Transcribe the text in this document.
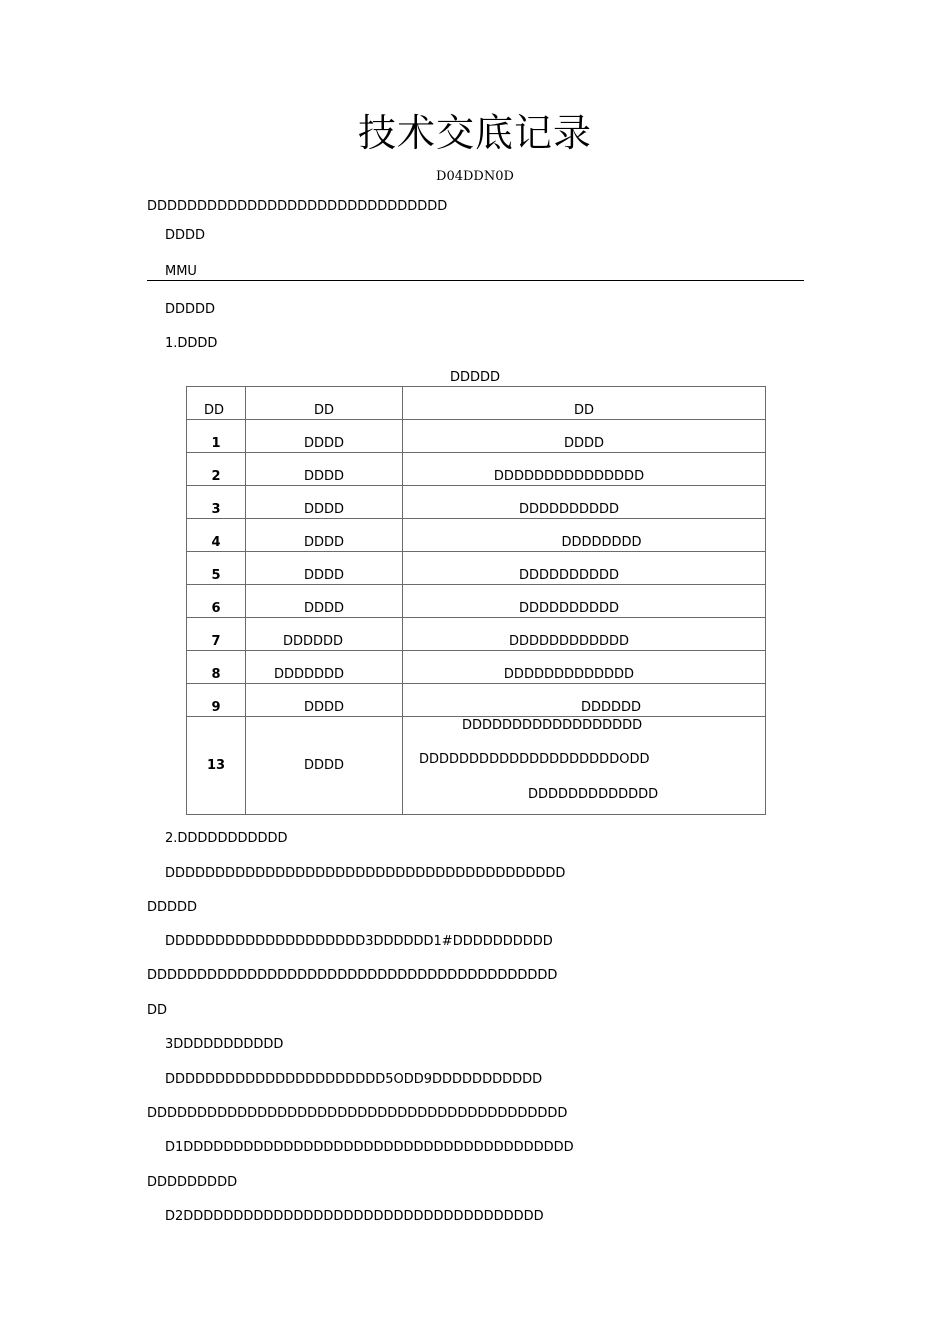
技术交底记录
D04DDN0D
DDDDDDDDDDDDDDDDDDDDDDDDDDDDDD
DDDD
MMU
DDDDD
1.DDDD
DDDDD
DD	DD	DD

1	DDDD	DDDD

2	DDDD	DDDDDDDDDDDDDDD

3	DDDD	DDDDDDDDDD

4	DDDD	DDDDDDDD

5	DDDD	DDDDDDDDDD

6	DDDD	DDDDDDDDDD

7	DDDDDD	DDDDDDDDDDDD

8	DDDDDDD	DDDDDDDDDDDDD

9	DDDD	DDDDDD

13	DDDD	DDDDDDDDDDDDDDDDDD
DDDDDDDDDDDDDDDDDDDDODD
DDDDDDDDDDDDD
2.DDDDDDDDDDD
DDDDDDDDDDDDDDDDDDDDDDDDDDDDDDDDDDDDDDDD
DDDDD
DDDDDDDDDDDDDDDDDDDD3DDDDDD1#DDDDDDDDDD
DDDDDDDDDDDDDDDDDDDDDDDDDDDDDDDDDDDDDDDDD
DD
3DDDDDDDDDDD
DDDDDDDDDDDDDDDDDDDDDD5ODD9DDDDDDDDDDD
DDDDDDDDDDDDDDDDDDDDDDDDDDDDDDDDDDDDDDDDDD
D1DDDDDDDDDDDDDDDDDDDDDDDDDDDDDDDDDDDDDDD
DDDDDDDDD
D2DDDDDDDDDDDDDDDDDDDDDDDDDDDDDDDDDDDD
